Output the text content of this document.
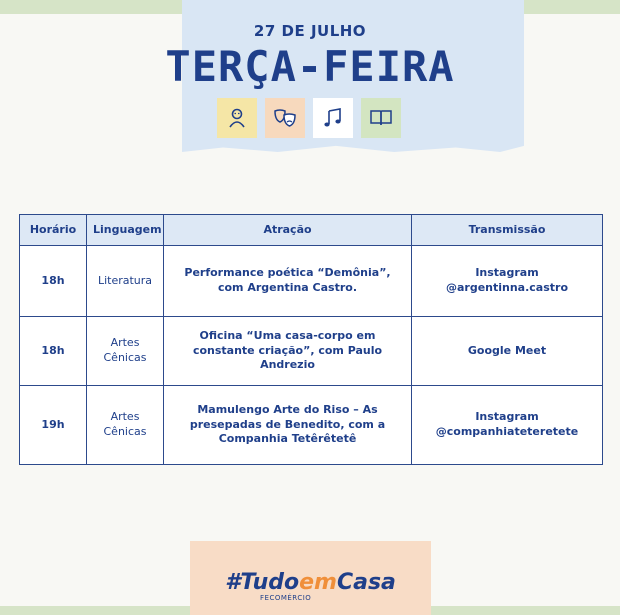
27 DE JULHO
TERÇA-FEIRA
Horário	Linguagem	Atração	Transmissão
18h	Literatura	Performance poética “Demônia”, com Argentina Castro.	Instagram @argentinna.castro
18h	Artes Cênicas	Oficina “Uma casa-corpo em constante criação”, com Paulo Andrezio	Google Meet
19h	Artes Cênicas	Mamulengo Arte do Riso – As presepadas de Benedito, com a Companhia Tetêrêtetê	Instagram @companhiateteretete
#TudoemCasa
FECOMÉRCIO
